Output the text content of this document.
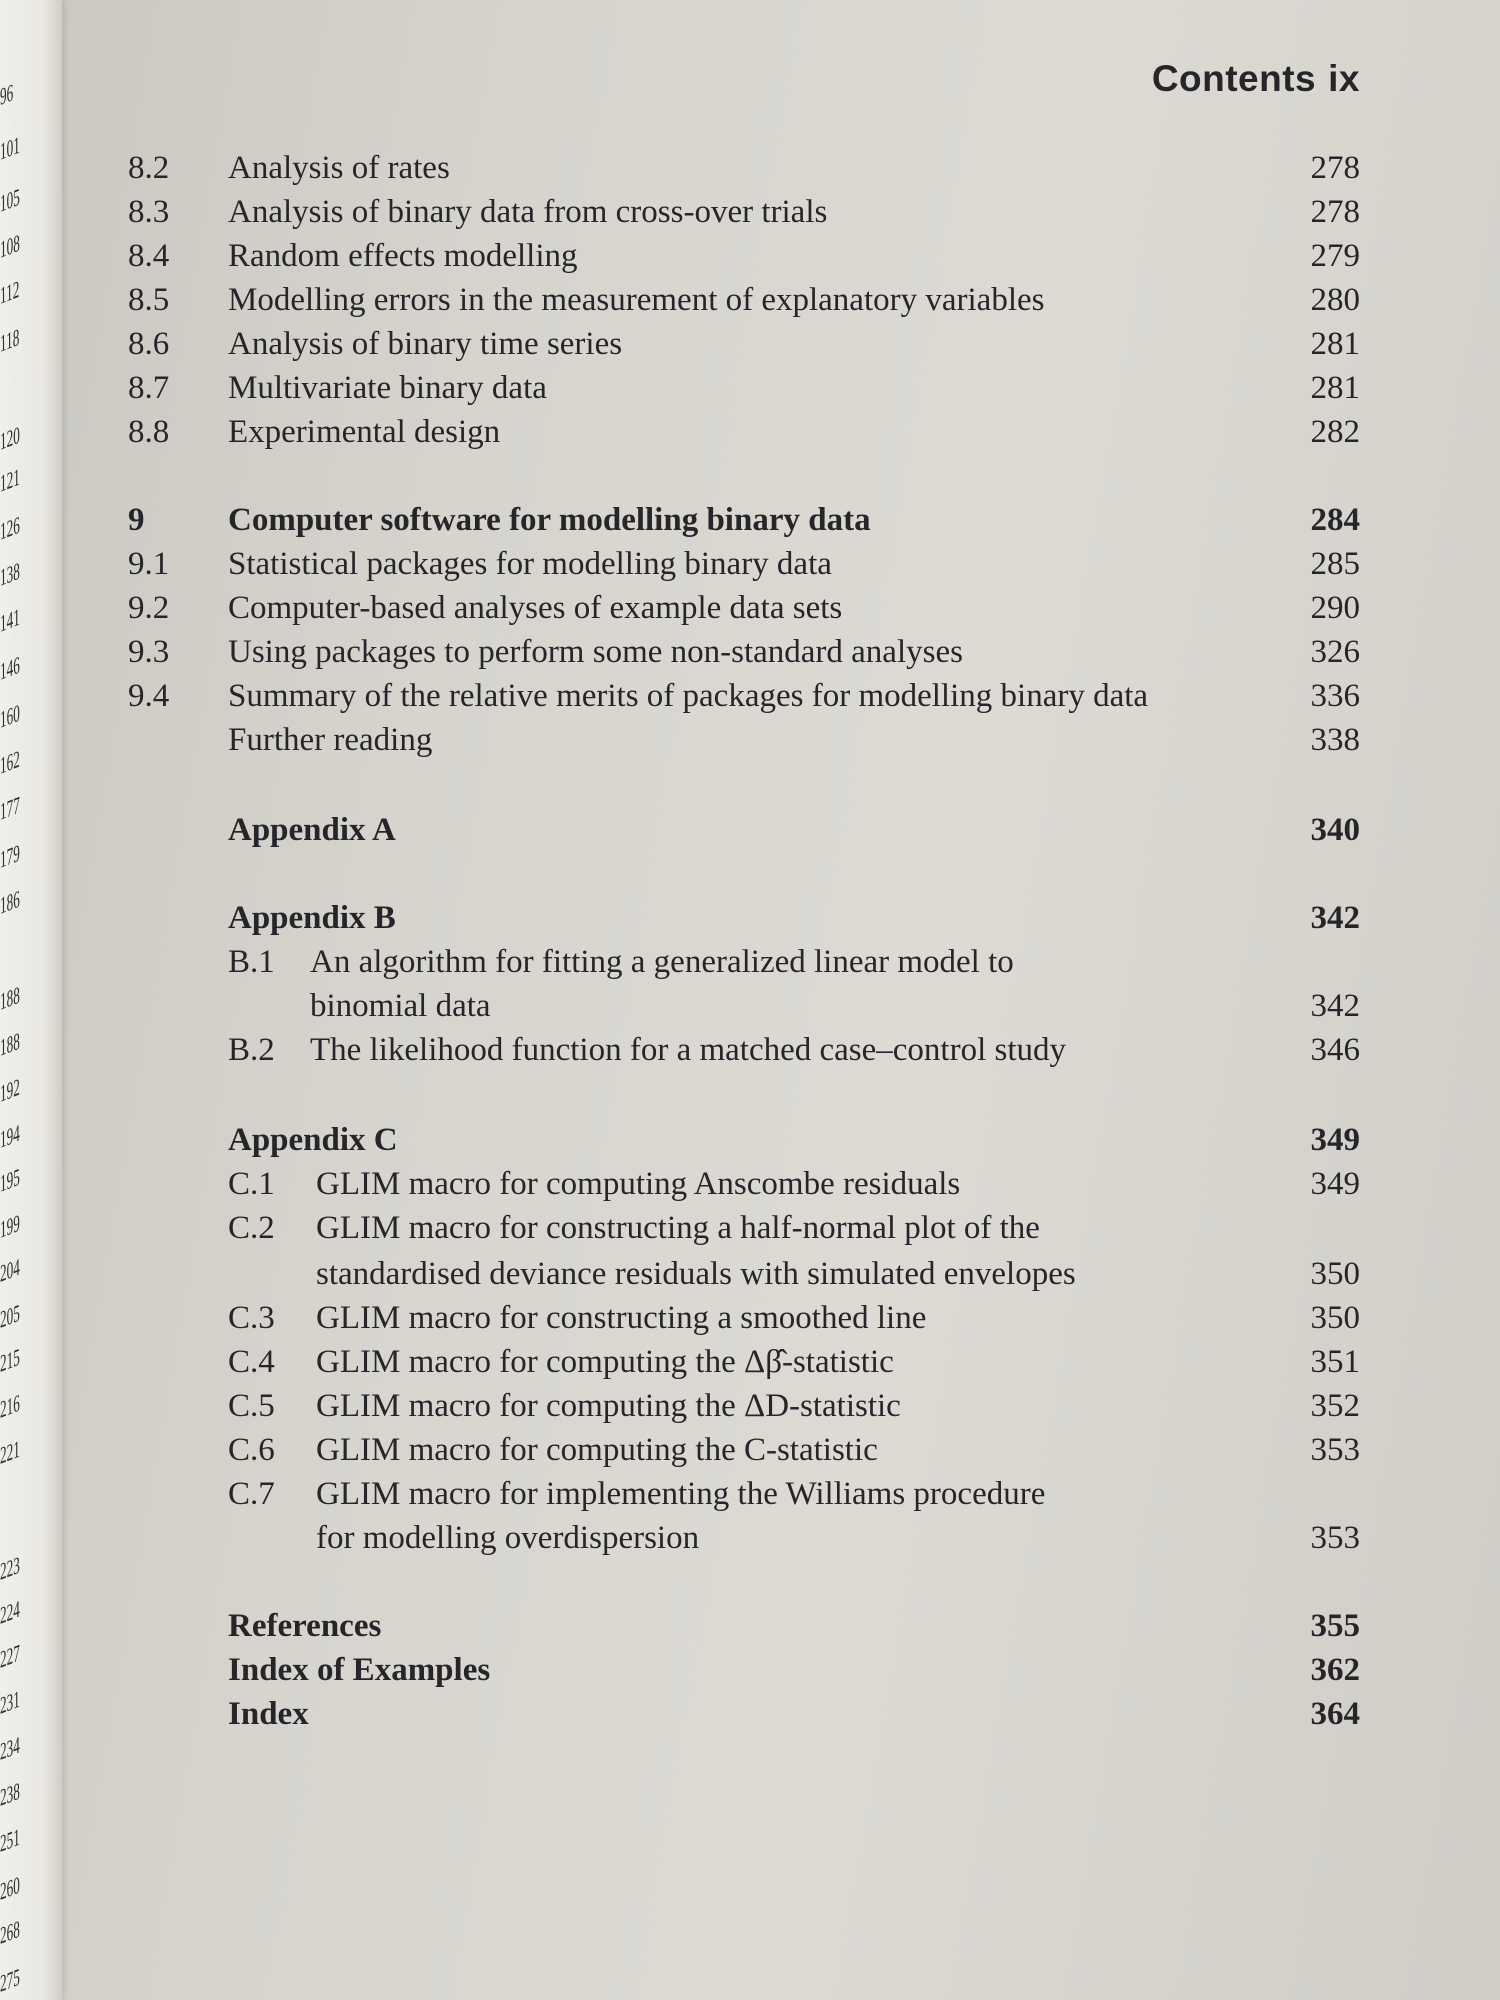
96
101
105
108
112
118
120
121
126
138
141
146
160
162
177
179
186
188
188
192
194
195
199
204
205
215
216
221
223
224
227
231
234
238
251
260
268
275
Contents ix
8.2 Analysis of rates	278
8.3 Analysis of binary data from cross-over trials	278
8.4 Random effects modelling	279
8.5 Modelling errors in the measurement of explanatory variables	280
8.6 Analysis of binary time series	281
8.7 Multivariate binary data	281
8.8 Experimental design	282
9	Computer software for modelling binary data	284
9.1 Statistical packages for modelling binary data	285
9.2 Computer-based analyses of example data sets	290
9.3 Using packages to perform some non-standard analyses	326
9.4 Summary of the relative merits of packages for modelling binary data	336
Further reading	338
Appendix A	340
Appendix B	342
B.1 An algorithm for fitting a generalized linear model to
binomial data	342
B.2 The likelihood function for a matched case–control study	346
Appendix C	349
C.1 GLIM macro for computing Anscombe residuals	349
C.2 GLIM macro for constructing a half-normal plot of the
standardised deviance residuals with simulated envelopes	350
C.3 GLIM macro for constructing a smoothed line	350
C.4 GLIM macro for computing the Δβ̂-statistic	351
C.5 GLIM macro for computing the ΔD-statistic	352
C.6 GLIM macro for computing the C-statistic	353
C.7 GLIM macro for implementing the Williams procedure
for modelling overdispersion	353
References	355
Index of Examples	362
Index	364
